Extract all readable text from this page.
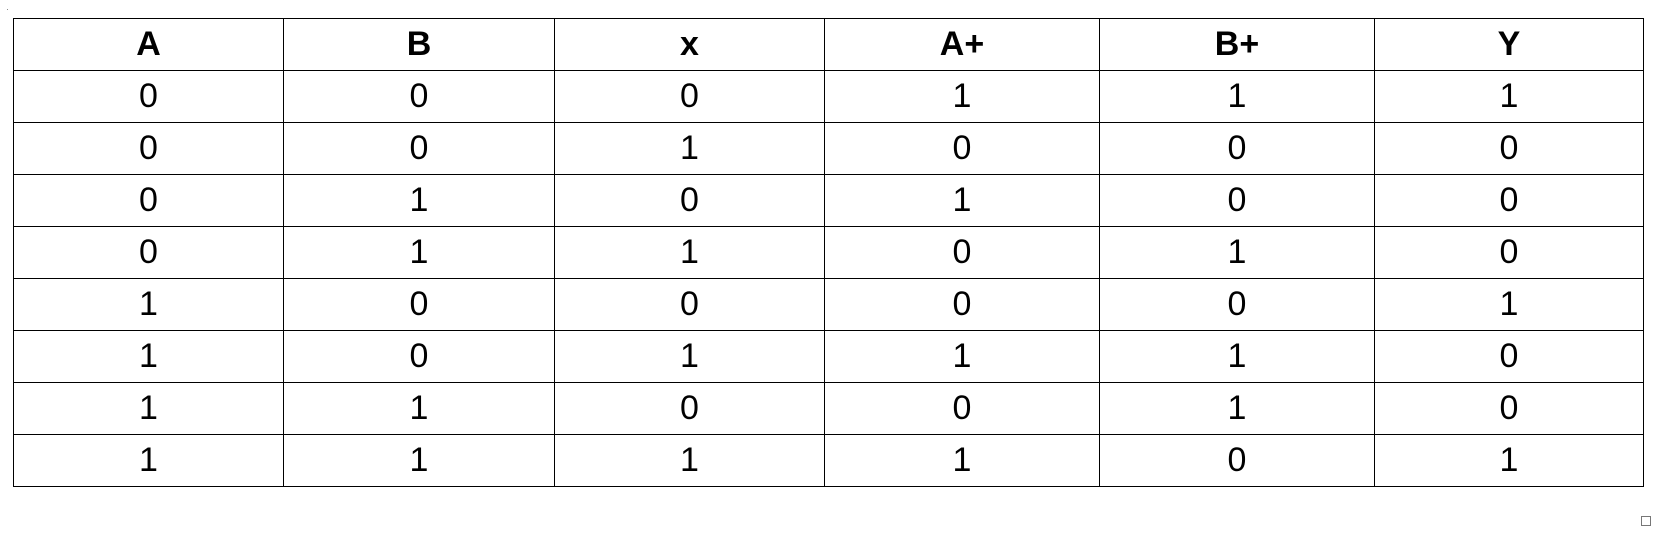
·
A	B	x	A+	B+	Y
0	0	0	1	1	1
0	0	1	0	0	0
0	1	0	1	0	0
0	1	1	0	1	0
1	0	0	0	0	1
1	0	1	1	1	0
1	1	0	0	1	0
1	1	1	1	0	1
